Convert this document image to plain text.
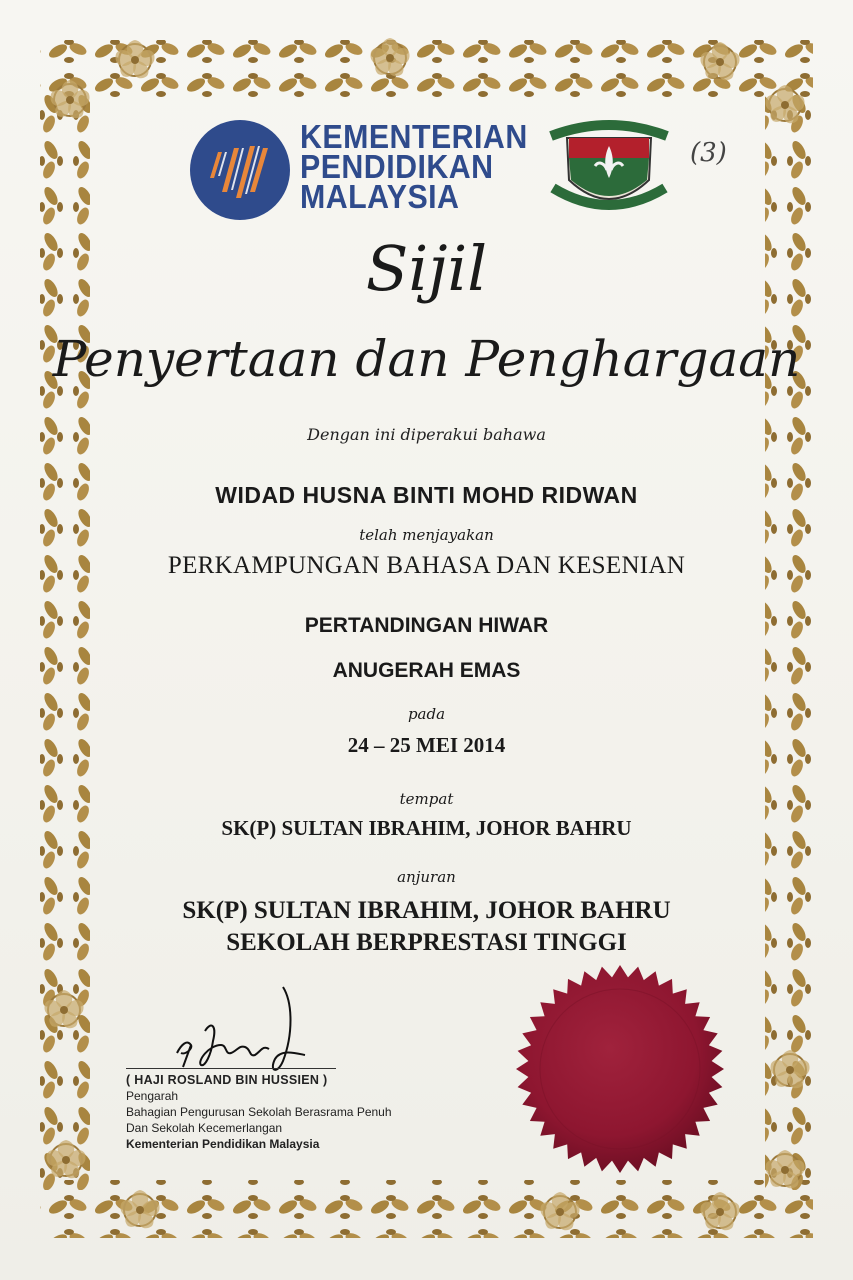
KEMENTERIAN
PENDIDIKAN
MALAYSIA
(3)
Sijil
Penyertaan dan Penghargaan
Dengan ini diperakui bahawa
WIDAD HUSNA BINTI MOHD RIDWAN
telah menjayakan
PERKAMPUNGAN BAHASA DAN KESENIAN
PERTANDINGAN HIWAR
ANUGERAH EMAS
pada
24 – 25 MEI 2014
tempat
SK(P) SULTAN IBRAHIM, JOHOR BAHRU
anjuran
SK(P) SULTAN IBRAHIM, JOHOR BAHRU
SEKOLAH BERPRESTASI TINGGI
( HAJI ROSLAND BIN HUSSIEN )
Pengarah
Bahagian Pengurusan Sekolah Berasrama Penuh
Dan Sekolah Kecemerlangan
Kementerian Pendidikan Malaysia
